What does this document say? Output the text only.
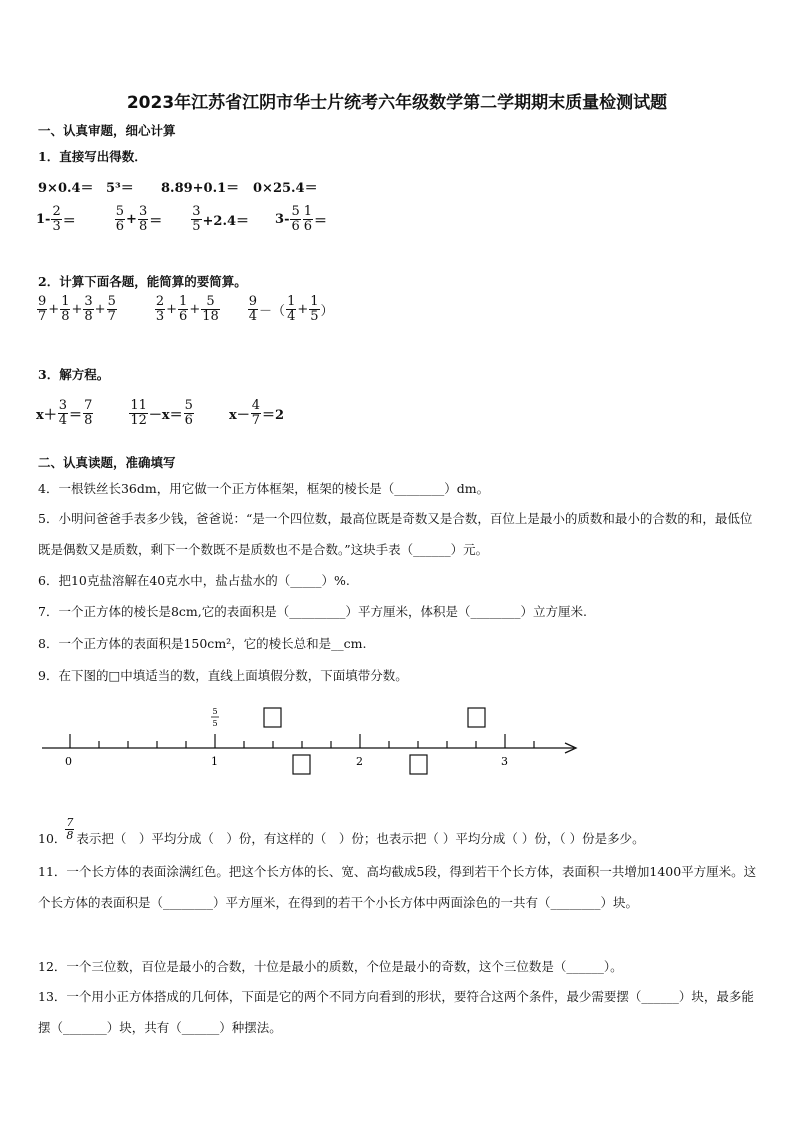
2023年江苏省江阴市华士片统考六年级数学第二学期期末质量检测试题
一、认真审题，细心计算
1．直接写出得数．
9×0.4＝ 5³＝	8.89+0.1＝	0×25.4＝
$1- \frac{2}{3}$ ＝	$\frac{5}{6} + \frac{3}{8} = \frac{3}{5} +2.4= 3- \frac{5}{6} \frac{1}{6}$ ＝
2．计算下面各题，能简算的要简算。
$\frac{9}{7} + \frac{1}{8} + \frac{3}{8} + \frac{5}{7}$	$\frac{2}{3} + \frac{1}{6} + \frac{5}{18} \frac{9}{4}$ －（ $\frac{1}{4} + \frac{1}{5}$ ）
3．解方程。
$x+ \frac{3}{4} = \frac{7}{8}$	$\frac{11}{12} -x= \frac{5}{6}$	$x- \frac{4}{7} =2$
二、认真读题，准确填写
4．一根铁丝长36dm，用它做一个正方体框架，框架的棱长是（________）dm。
5．小明问爸爸手表多少钱，爸爸说：“是一个四位数，最高位既是奇数又是合数，百位上是最小的质数和最小的合数的和，最低位既是偶数又是质数，剩下一个数既不是质数也不是合数。”这块手表（______）元。
6．把10克盐溶解在40克水中，盐占盐水的（_____）%.
7．一个正方体的棱长是8cm,它的表面积是（_________）平方厘米，体积是（________）立方厘米.
8．一个正方体的表面积是150cm²，它的棱长总和是__cm.
9．在下图的□中填适当的数，直线上面填假分数，下面填带分数。
5
5
0	1	2	3
10．
7
8 表示把（　）平均分成（　）份，有这样的（　）份；也表示把（ ）平均分成（ ）份，（ ）份是多少。
11．一个长方体的表面涂满红色。把这个长方体的长、宽、高均截成5段，得到若干个长方体，表面积一共增加1400平方厘米。这个长方体的表面积是（________）平方厘米，在得到的若干个小长方体中两面涂色的一共有（________）块。
12．一个三位数，百位是最小的合数，十位是最小的质数，个位是最小的奇数，这个三位数是（______）。
13．一个用小正方体搭成的几何体，下面是它的两个不同方向看到的形状，要符合这两个条件，最少需要摆（______）块，最多能摆（_______）块，共有（______）种摆法。
